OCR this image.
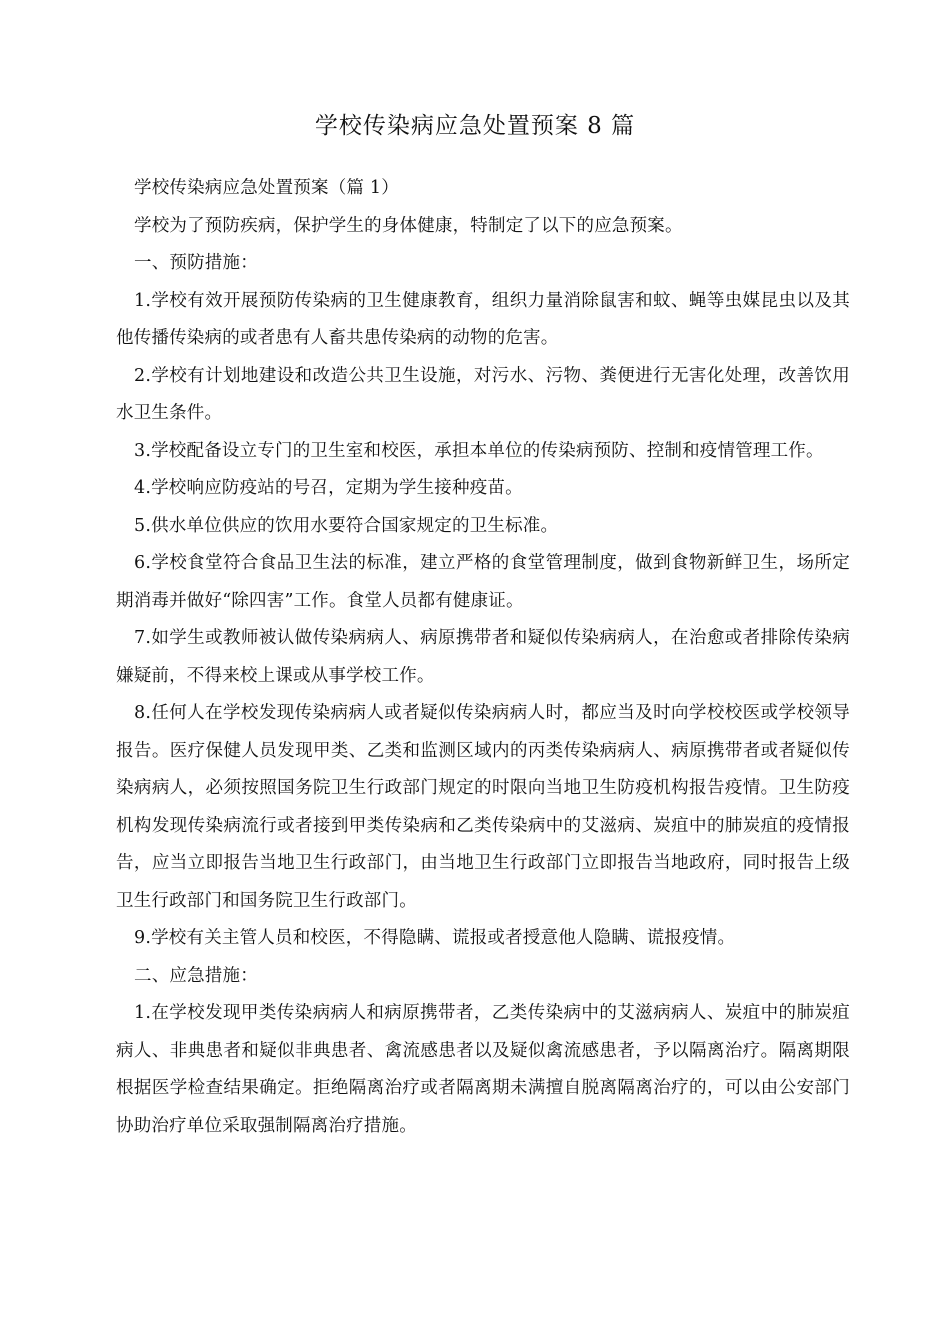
学校传染病应急处置预案 8 篇

学校传染病应急处置预案（篇 1）

学校为了预防疾病，保护学生的身体健康，特制定了以下的应急预案。

一、预防措施：

1.学校有效开展预防传染病的卫生健康教育，组织力量消除鼠害和蚊、蝇等虫媒昆虫以及其他传播传染病的或者患有人畜共患传染病的动物的危害。

2.学校有计划地建设和改造公共卫生设施，对污水、污物、粪便进行无害化处理，改善饮用水卫生条件。

3.学校配备设立专门的卫生室和校医，承担本单位的传染病预防、控制和疫情管理工作。

4.学校响应防疫站的号召，定期为学生接种疫苗。

5.供水单位供应的饮用水要符合国家规定的卫生标准。

6.学校食堂符合食品卫生法的标准，建立严格的食堂管理制度，做到食物新鲜卫生，场所定期消毒并做好“除四害”工作。食堂人员都有健康证。

7.如学生或教师被认做传染病病人、病原携带者和疑似传染病病人，在治愈或者排除传染病嫌疑前，不得来校上课或从事学校工作。

8.任何人在学校发现传染病病人或者疑似传染病病人时，都应当及时向学校校医或学校领导报告。医疗保健人员发现甲类、乙类和监测区域内的丙类传染病病人、病原携带者或者疑似传染病病人，必须按照国务院卫生行政部门规定的时限向当地卫生防疫机构报告疫情。卫生防疫机构发现传染病流行或者接到甲类传染病和乙类传染病中的艾滋病、炭疽中的肺炭疽的疫情报告，应当立即报告当地卫生行政部门，由当地卫生行政部门立即报告当地政府，同时报告上级卫生行政部门和国务院卫生行政部门。

9.学校有关主管人员和校医，不得隐瞒、谎报或者授意他人隐瞒、谎报疫情。

二、应急措施：

1.在学校发现甲类传染病病人和病原携带者，乙类传染病中的艾滋病病人、炭疽中的肺炭疽病人、非典患者和疑似非典患者、禽流感患者以及疑似禽流感患者，予以隔离治疗。隔离期限根据医学检查结果确定。拒绝隔离治疗或者隔离期未满擅自脱离隔离治疗的，可以由公安部门协助治疗单位采取强制隔离治疗措施。
